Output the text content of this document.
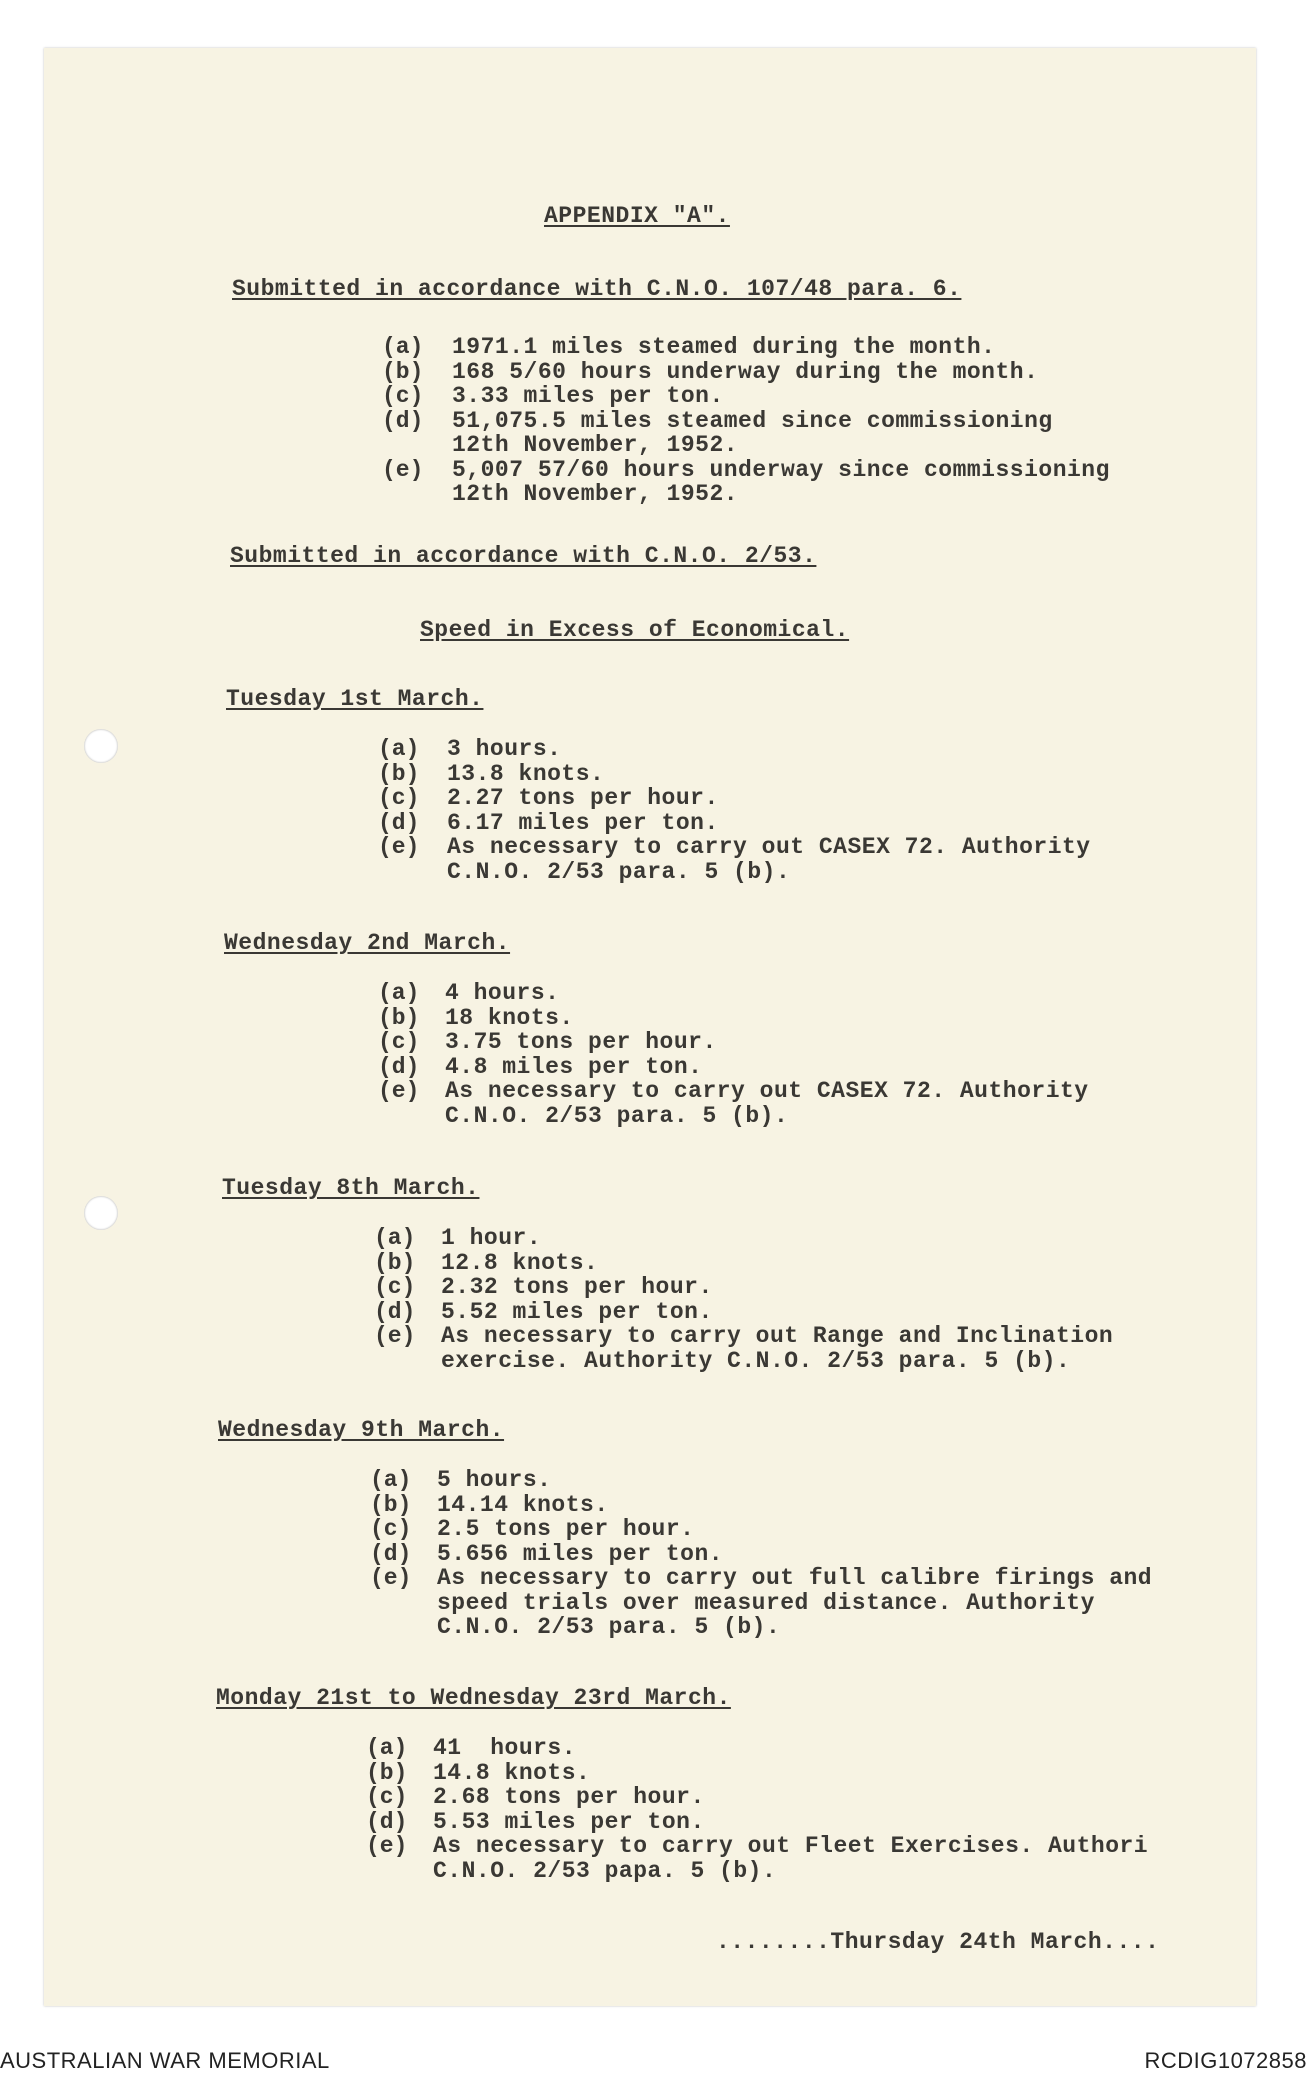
APPENDIX "A".
Submitted in accordance with C.N.O. 107/48 para. 6.
(a) 1971.1 miles steamed during the month.
(b) 168 5/60 hours underway during the month.
(c) 3.33 miles per ton.
(d) 51,075.5 miles steamed since commissioning
12th November, 1952.
(e) 5,007 57/60 hours underway since commissioning
12th November, 1952.
Submitted in accordance with C.N.O. 2/53.
Speed in Excess of Economical.
Tuesday 1st March.
(a) 3 hours.
(b) 13.8 knots.
(c) 2.27 tons per hour.
(d) 6.17 miles per ton.
(e) As necessary to carry out CASEX 72. Authority
C.N.O. 2/53 para. 5 (b).
Wednesday 2nd March.
(a) 4 hours.
(b) 18 knots.
(c) 3.75 tons per hour.
(d) 4.8 miles per ton.
(e) As necessary to carry out CASEX 72. Authority
C.N.O. 2/53 para. 5 (b).
Tuesday 8th March.
(a) 1 hour.
(b) 12.8 knots.
(c) 2.32 tons per hour.
(d) 5.52 miles per ton.
(e) As necessary to carry out Range and Inclination
exercise. Authority C.N.O. 2/53 para. 5 (b).
Wednesday 9th March.
(a) 5 hours.
(b) 14.14 knots.
(c) 2.5 tons per hour.
(d) 5.656 miles per ton.
(e) As necessary to carry out full calibre firings and
speed trials over measured distance. Authority
C.N.O. 2/53 para. 5 (b).
Monday 21st to Wednesday 23rd March.
(a) 41  hours.
(b) 14.8 knots.
(c) 2.68 tons per hour.
(d) 5.53 miles per ton.
(e) As necessary to carry out Fleet Exercises. Authori
C.N.O. 2/53 papa. 5 (b).
........Thursday 24th March....
AUSTRALIAN WAR MEMORIAL	RCDIG1072858
